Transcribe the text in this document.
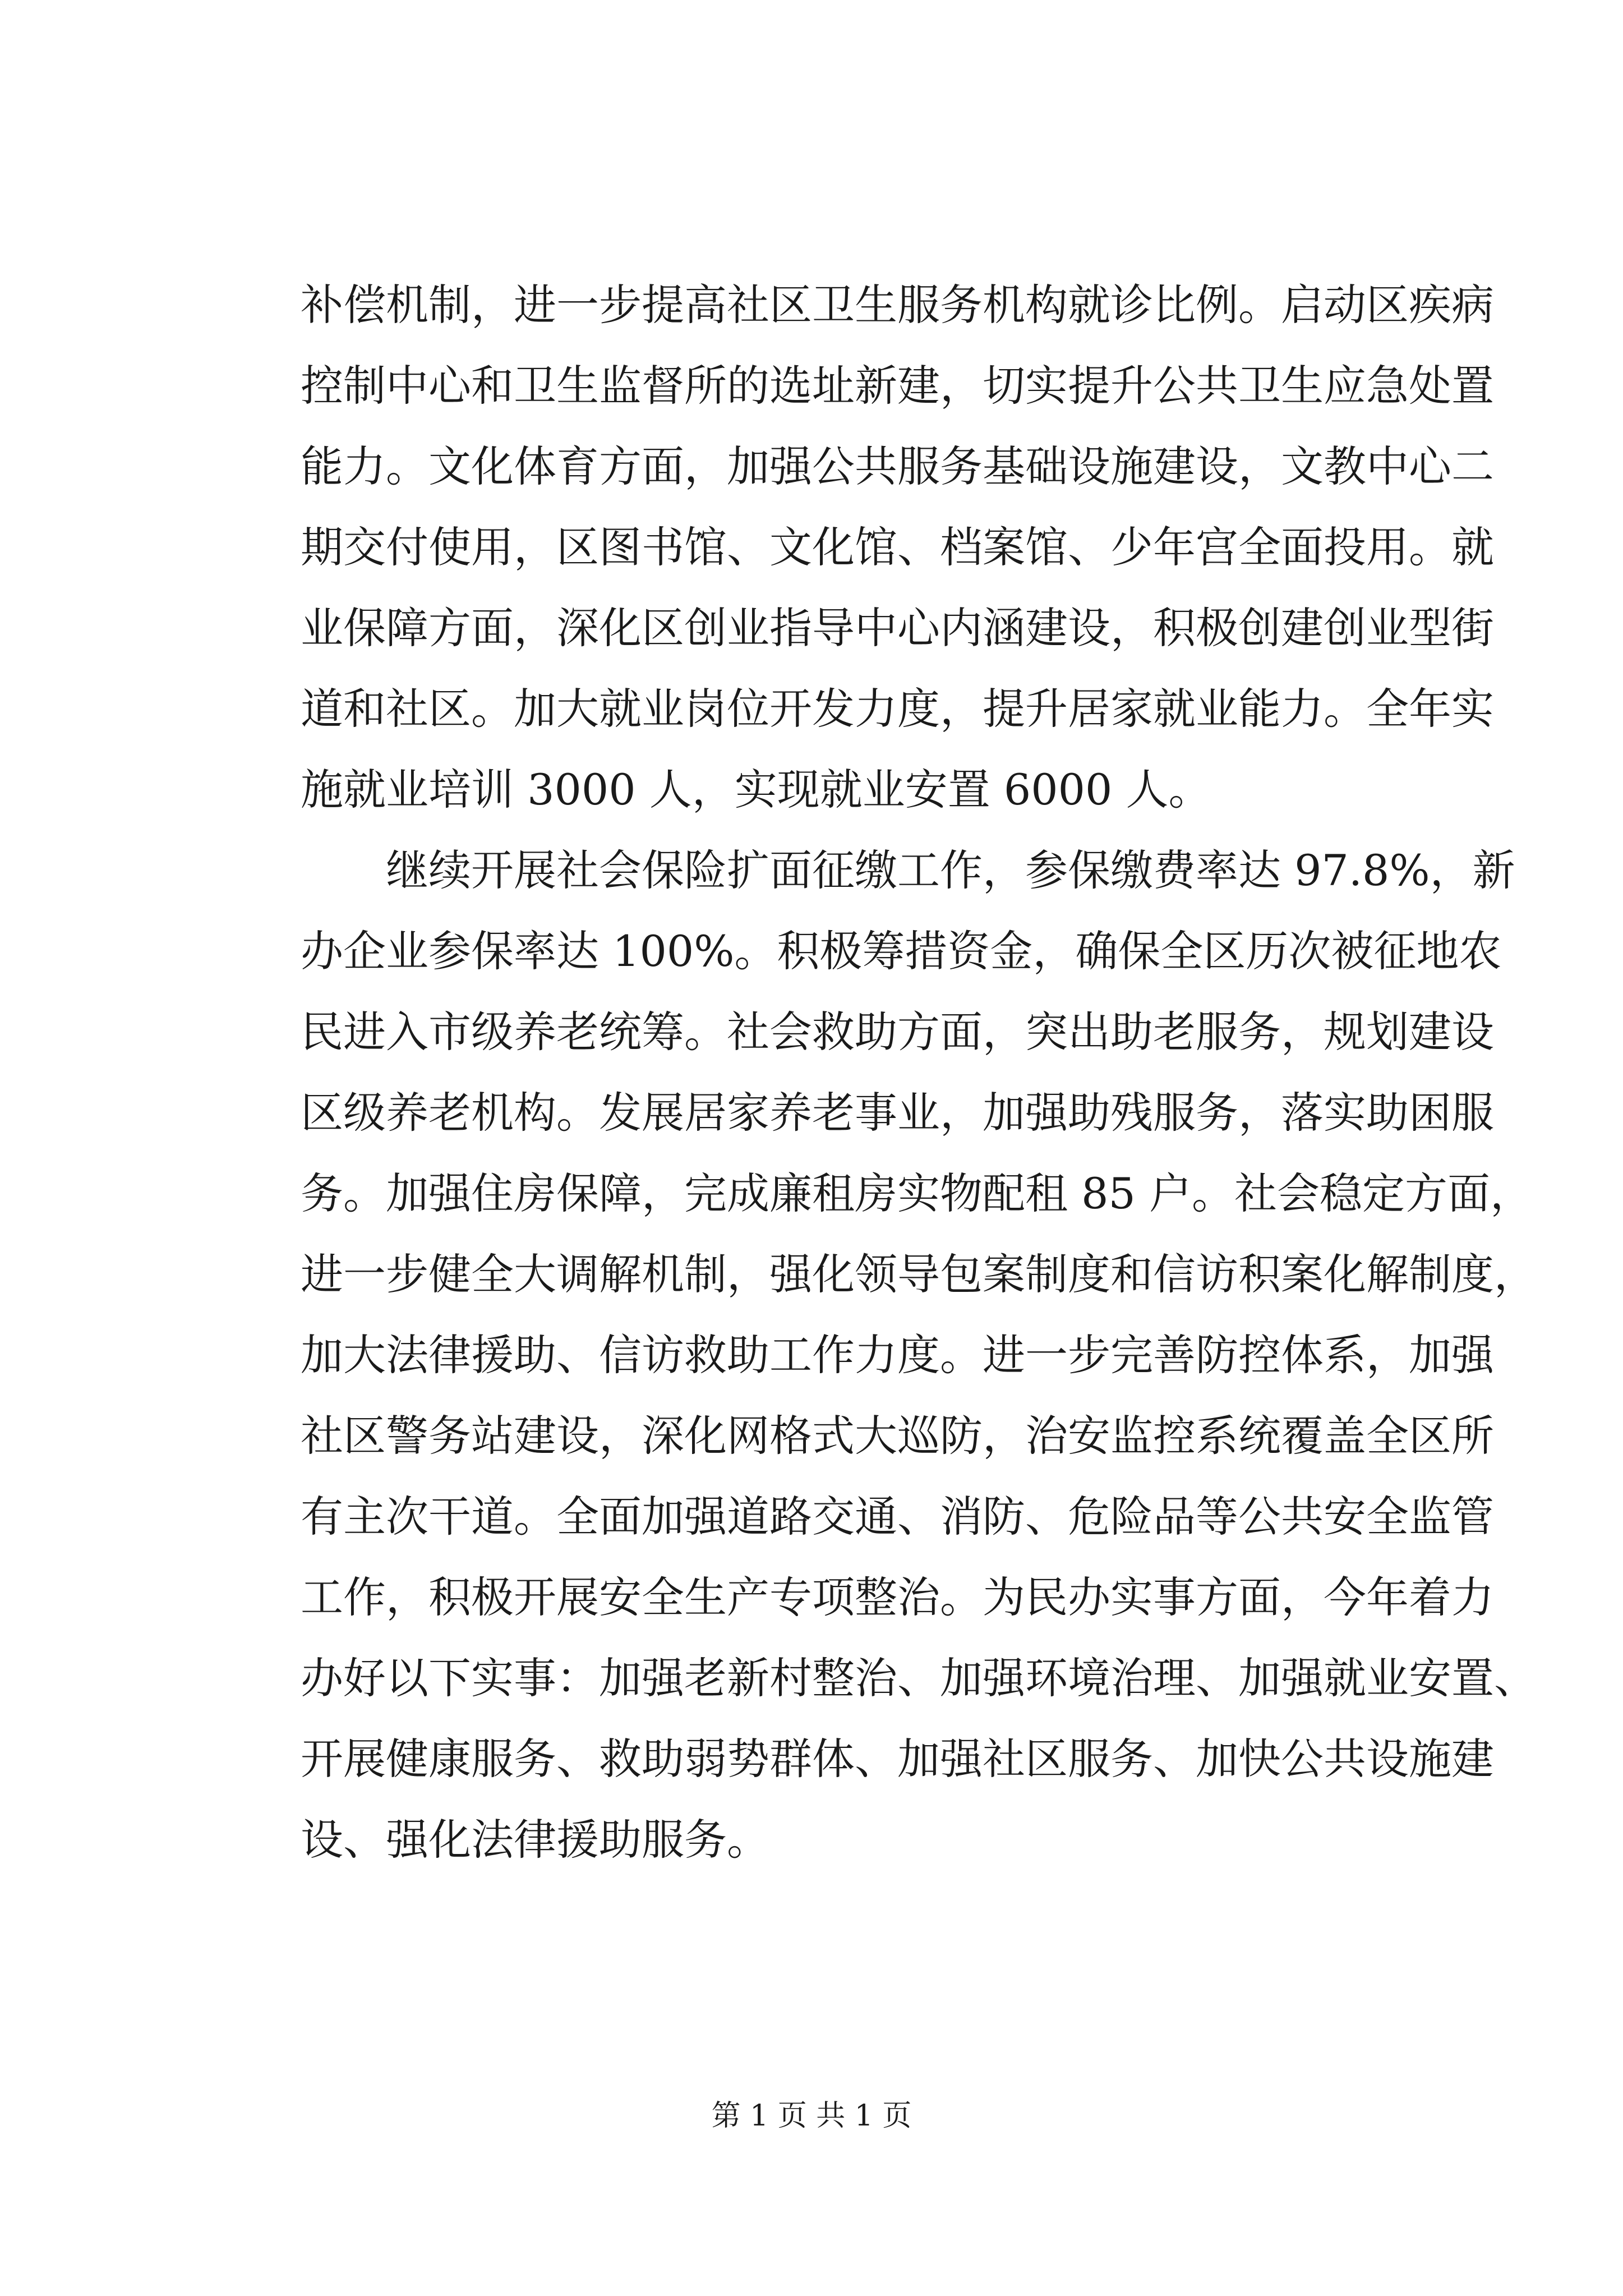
补偿机制，进一步提高社区卫生服务机构就诊比例。启动区疾病
控制中心和卫生监督所的选址新建，切实提升公共卫生应急处置
能力。文化体育方面，加强公共服务基础设施建设，文教中心二
期交付使用，区图书馆、文化馆、档案馆、少年宫全面投用。就
业保障方面，深化区创业指导中心内涵建设，积极创建创业型街
道和社区。加大就业岗位开发力度，提升居家就业能力。全年实
施就业培训 3000 人，实现就业安置 6000 人。
继续开展社会保险扩面征缴工作，参保缴费率达 97.8%，新
办企业参保率达 100%。积极筹措资金，确保全区历次被征地农
民进入市级养老统筹。社会救助方面，突出助老服务，规划建设
区级养老机构。发展居家养老事业，加强助残服务，落实助困服
务。加强住房保障，完成廉租房实物配租 85 户。社会稳定方面，
进一步健全大调解机制，强化领导包案制度和信访积案化解制度，
加大法律援助、信访救助工作力度。进一步完善防控体系，加强
社区警务站建设，深化网格式大巡防，治安监控系统覆盖全区所
有主次干道。全面加强道路交通、消防、危险品等公共安全监管
工作，积极开展安全生产专项整治。为民办实事方面，今年着力
办好以下实事：加强老新村整治、加强环境治理、加强就业安置、
开展健康服务、救助弱势群体、加强社区服务、加快公共设施建
设、强化法律援助服务。
第 1 页 共 1 页
